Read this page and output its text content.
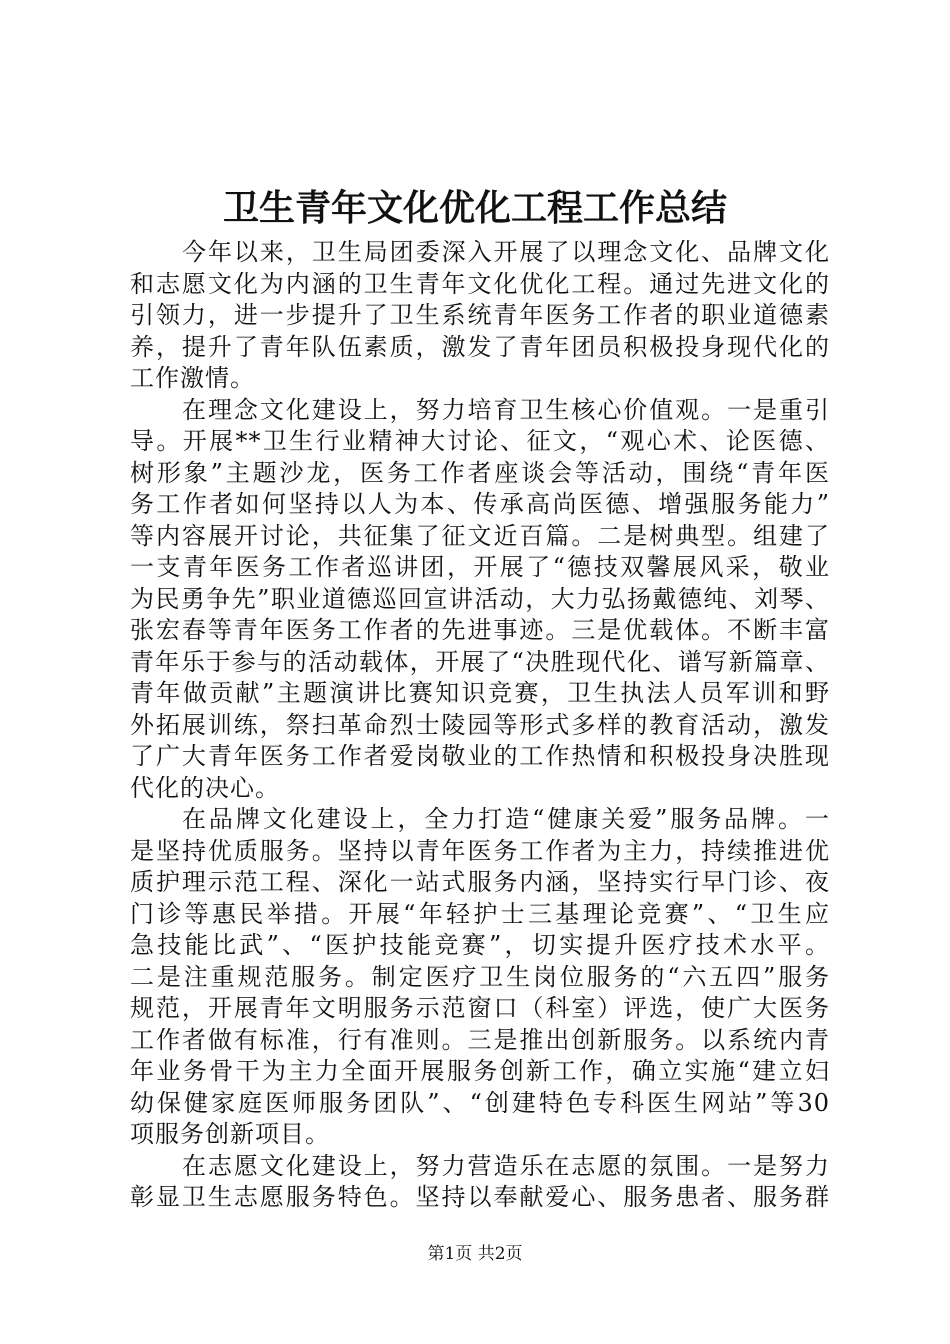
卫生青年文化优化工程工作总结
今年以来，卫生局团委深入开展了以理念文化、品牌文化
和志愿文化为内涵的卫生青年文化优化工程。通过先进文化的
引领力，进一步提升了卫生系统青年医务工作者的职业道德素
养，提升了青年队伍素质，激发了青年团员积极投身现代化的
工作激情。
在理念文化建设上，努力培育卫生核心价值观。一是重引
导。开展**卫生行业精神大讨论、征文，“观心术、论医德、
树形象”主题沙龙，医务工作者座谈会等活动，围绕“青年医
务工作者如何坚持以人为本、传承高尚医德、增强服务能力”
等内容展开讨论，共征集了征文近百篇。二是树典型。组建了
一支青年医务工作者巡讲团，开展了“德技双馨展风采，敬业
为民勇争先”职业道德巡回宣讲活动，大力弘扬戴德纯、刘琴、
张宏春等青年医务工作者的先进事迹。三是优载体。不断丰富
青年乐于参与的活动载体，开展了“决胜现代化、谱写新篇章、
青年做贡献”主题演讲比赛知识竞赛，卫生执法人员军训和野
外拓展训练，祭扫革命烈士陵园等形式多样的教育活动，激发
了广大青年医务工作者爱岗敬业的工作热情和积极投身决胜现
代化的决心。
在品牌文化建设上，全力打造“健康关爱”服务品牌。一
是坚持优质服务。坚持以青年医务工作者为主力，持续推进优
质护理示范工程、深化一站式服务内涵，坚持实行早门诊、夜
门诊等惠民举措。开展“年轻护士三基理论竞赛”、“卫生应
急技能比武”、“医护技能竞赛”，切实提升医疗技术水平。
二是注重规范服务。制定医疗卫生岗位服务的“六五四”服务
规范，开展青年文明服务示范窗口（科室）评选，使广大医务
工作者做有标准，行有准则。三是推出创新服务。以系统内青
年业务骨干为主力全面开展服务创新工作，确立实施“建立妇
幼保健家庭医师服务团队”、“创建特色专科医生网站”等30
项服务创新项目。
在志愿文化建设上，努力营造乐在志愿的氛围。一是努力
彰显卫生志愿服务特色。坚持以奉献爱心、服务患者、服务群
第1页 共2页
